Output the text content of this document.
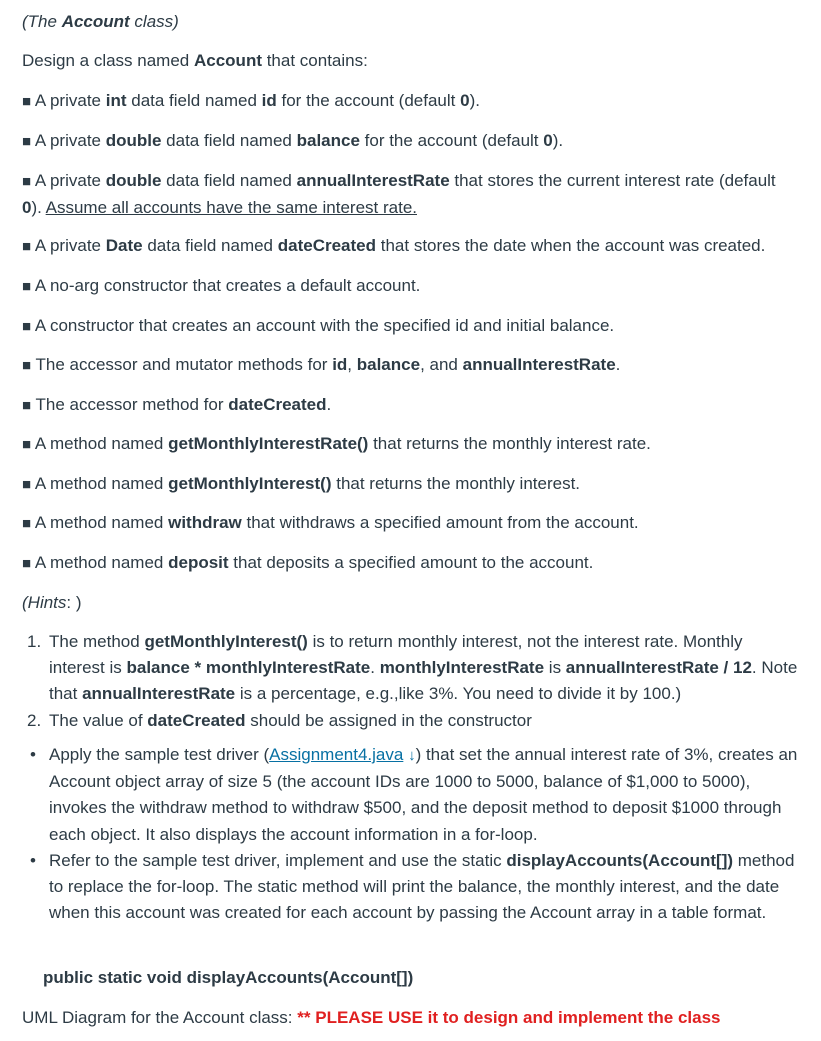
(The Account class)

Design a class named Account that contains:

■ A private int data field named id for the account (default 0).

■ A private double data field named balance for the account (default 0).

■ A private double data field named annualInterestRate that stores the current interest rate (default
0). Assume all accounts have the same interest rate.

■ A private Date data field named dateCreated that stores the date when the account was created.

■ A no-arg constructor that creates a default account.

■ A constructor that creates an account with the specified id and initial balance.

■ The accessor and mutator methods for id, balance, and annualInterestRate.

■ The accessor method for dateCreated.

■ A method named getMonthlyInterestRate() that returns the monthly interest rate.

■ A method named getMonthlyInterest() that returns the monthly interest.

■ A method named withdraw that withdraws a specified amount from the account.

■ A method named deposit that deposits a specified amount to the account.

(Hints: )

1. The method getMonthlyInterest() is to return monthly interest, not the interest rate. Monthly interest is balance * monthlyInterestRate. monthlyInterestRate is annualInterestRate / 12. Note that annualInterestRate is a percentage, e.g.,like 3%. You need to divide it by 100.)
2. The value of dateCreated should be assigned in the constructor
• Apply the sample test driver (Assignment4.java ↓) that set the annual interest rate of 3%, creates an Account object array of size 5 (the account IDs are 1000 to 5000, balance of $1,000 to 5000), invokes the withdraw method to withdraw $500, and the deposit method to deposit $1000 through each object. It also displays the account information in a for-loop.
• Refer to the sample test driver, implement and use the static displayAccounts(Account[]) method to replace the for-loop. The static method will print the balance, the monthly interest, and the date when this account was created for each account by passing the Account array in a table format.

public static void displayAccounts(Account[])

UML Diagram for the Account class: ** PLEASE USE it to design and implement the class
